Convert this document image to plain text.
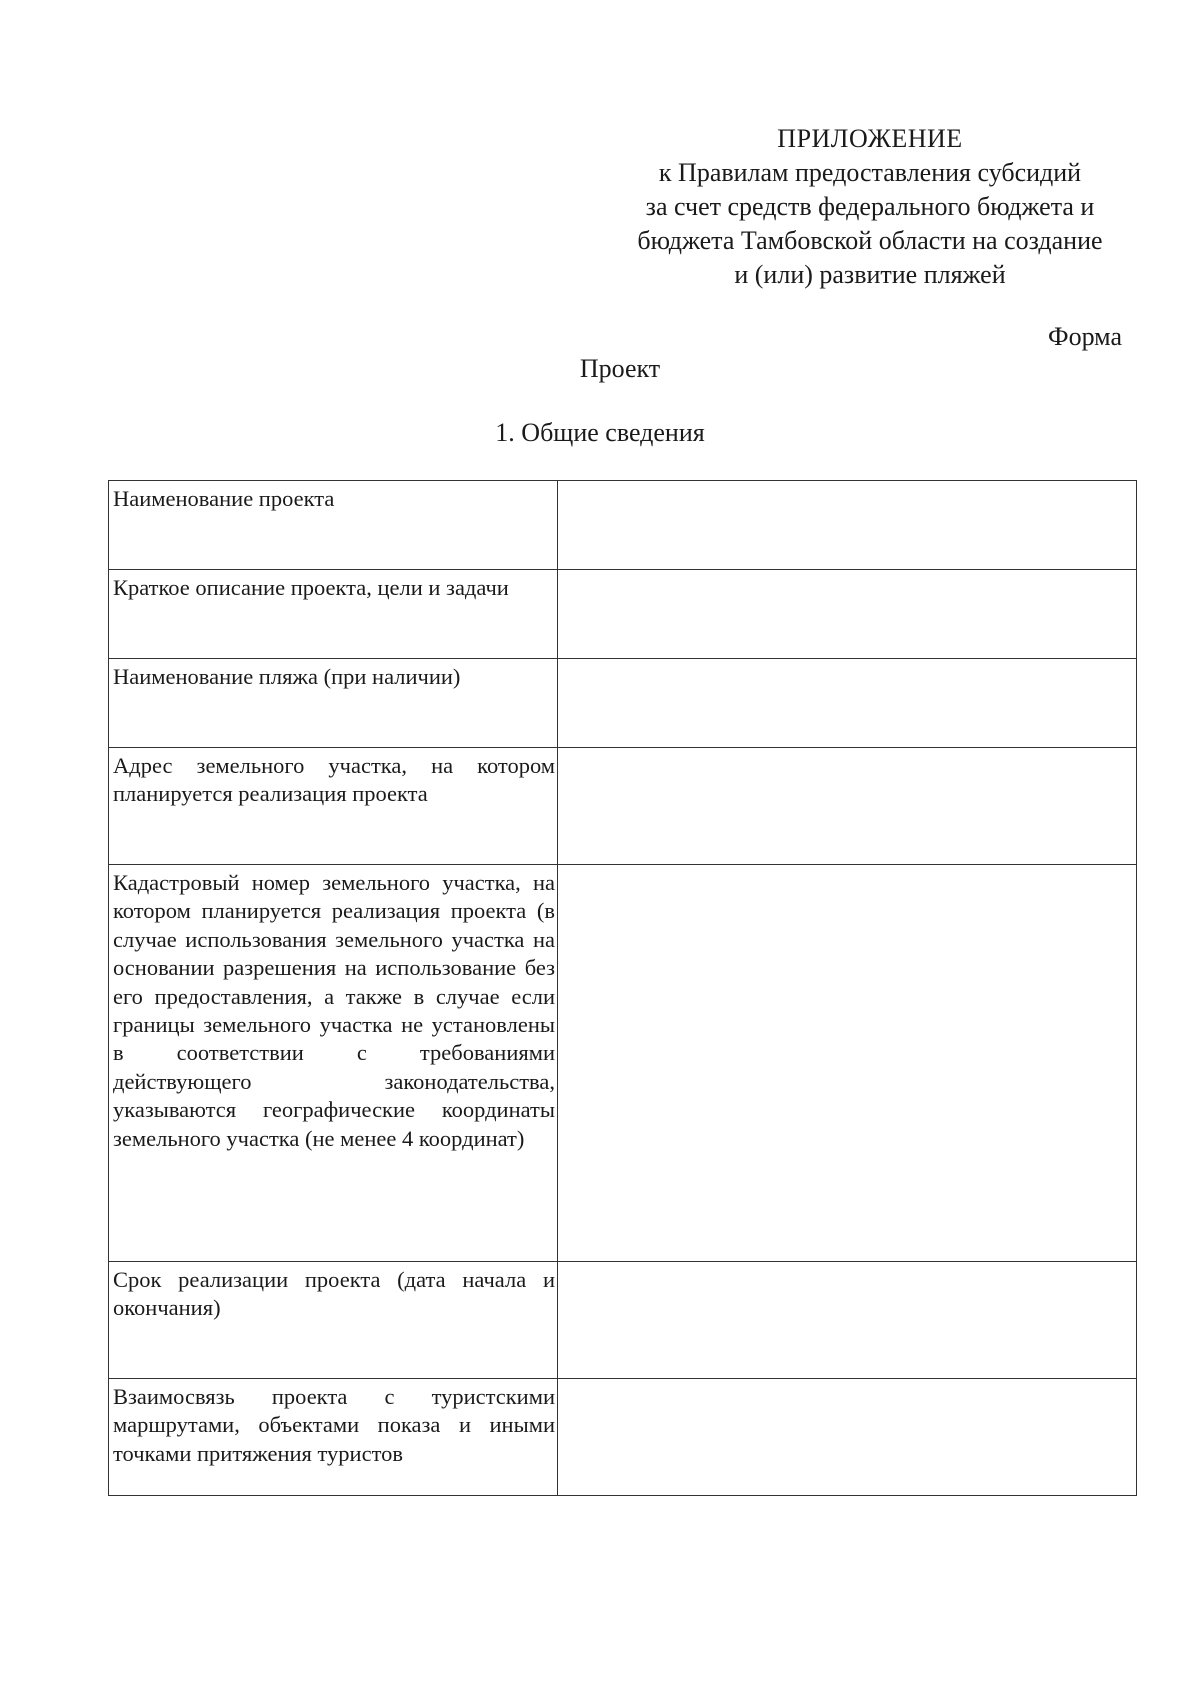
ПРИЛОЖЕНИЕ
к Правилам предоставления субсидий
за счет средств федерального бюджета и
бюджета Тамбовской области на создание
и (или) развитие пляжей
Форма
Проект
1. Общие сведения
Наименование проекта	
Краткое описание проекта, цели и задачи	
Наименование пляжа (при наличии)	
Адрес земельного участка, на котором планируется реализация проекта	
Кадастровый номер земельного участка, на котором планируется реализация проекта (в случае использования земельного участка на основании разрешения на использование без его предоставления, а также в случае если границы земельного участка не установлены в соответствии с требованиями действующего законодательства, указываются географические координаты земельного участка (не менее 4 координат)	
Срок реализации проекта (дата начала и окончания)	
Взаимосвязь проекта с туристскими маршрутами, объектами показа и иными точками притяжения туристов	
